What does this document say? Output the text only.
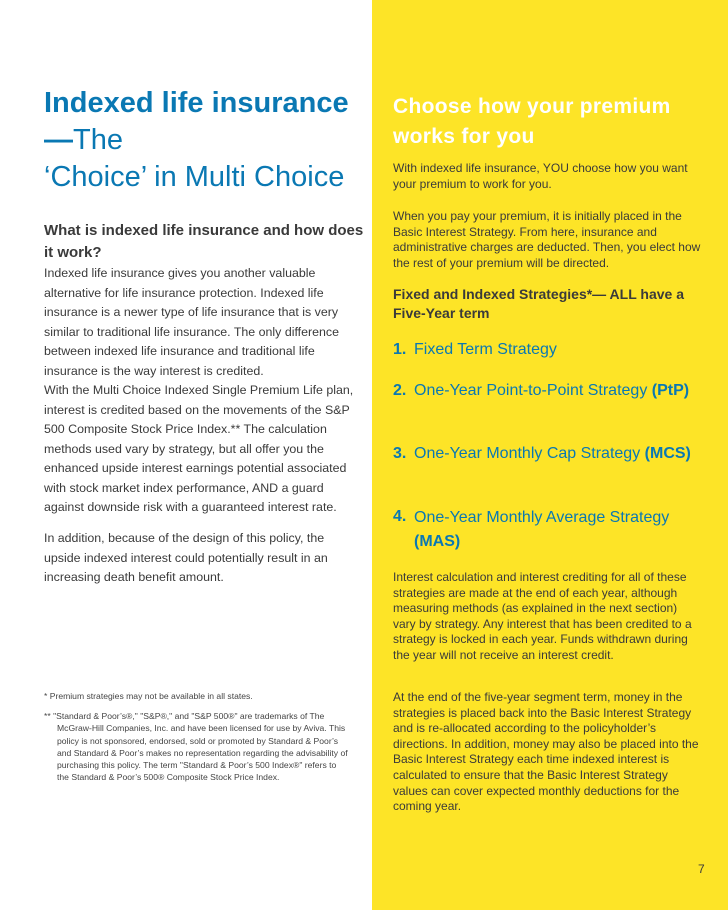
Indexed life insurance—The
‘Choice’ in Multi Choice
What is indexed life insurance and how does it work?

Indexed life insurance gives you another valuable alternative for life insurance protection. Indexed life insurance is a newer type of life insurance that is very similar to traditional life insurance. The only difference between indexed life insurance and traditional life insurance is the way interest is credited.

With the Multi Choice Indexed Single Premium Life plan, interest is credited based on the movements of the S&P 500 Composite Stock Price Index.** The calculation methods used vary by strategy, but all offer you the enhanced upside interest earnings potential associated with stock market index performance, AND a guard against downside risk with a guaranteed interest rate.

In addition, because of the design of this policy, the upside indexed interest could potentially result in an increasing death benefit amount.

* Premium strategies may not be available in all states.

** "Standard & Poor’s®," "S&P®," and "S&P 500®" are trademarks of The McGraw-Hill Companies, Inc. and have been licensed for use by Aviva. This policy is not sponsored, endorsed, sold or promoted by Standard & Poor’s and Standard & Poor’s makes no representation regarding the advisability of purchasing this policy. The term "Standard & Poor’s 500 Index®" refers to the Standard & Poor’s 500® Composite Stock Price Index.

Choose how your premium works for you

With indexed life insurance, YOU choose how you want your premium to work for you.

When you pay your premium, it is initially placed in the Basic Interest Strategy. From here, insurance and administrative charges are deducted. Then, you elect how the rest of your premium will be directed.

Fixed and Indexed Strategies*— ALL have a Five-Year term
1. Fixed Term Strategy
2. One-Year Point-to-Point Strategy (PtP)
3. One-Year Monthly Cap Strategy (MCS)
4. One-Year Monthly Average Strategy (MAS)

Interest calculation and interest crediting for all of these strategies are made at the end of each year, although measuring methods (as explained in the next section) vary by strategy. Any interest that has been credited to a strategy is locked in each year. Funds withdrawn during the year will not receive an interest credit.

At the end of the five-year segment term, money in the strategies is placed back into the Basic Interest Strategy and is re-allocated according to the policyholder’s directions. In addition, money may also be placed into the Basic Interest Strategy each time indexed interest is calculated to ensure that the Basic Interest Strategy values can cover expected monthly deductions for the coming year.

7
